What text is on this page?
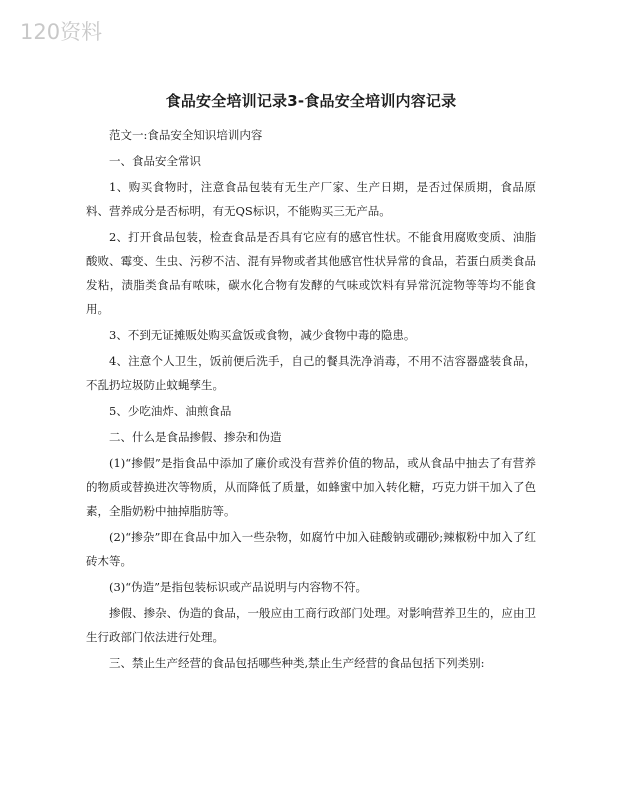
120资料
食品安全培训记录3-食品安全培训内容记录

范文一:食品安全知识培训内容

一、食品安全常识

1、购买食物时，注意食品包装有无生产厂家、生产日期，是否过保质期，食品原料、营养成分是否标明，有无QS标识，不能购买三无产品。

2、打开食品包装，检查食品是否具有它应有的感官性状。不能食用腐败变质、油脂酸败、霉变、生虫、污秽不洁、混有异物或者其他感官性状异常的食品，若蛋白质类食品发粘，渍脂类食品有哝味，碳水化合物有发酵的气味或饮料有异常沉淀物等等均不能食用。

3、不到无证摊贩处购买盒饭或食物，减少食物中毒的隐患。

4、注意个人卫生，饭前便后洗手，自己的餐具洗净消毒，不用不洁容器盛装食品，不乱扔垃圾防止蚊蝇孳生。

5、少吃油炸、油煎食品

二、什么是食品掺假、掺杂和伪造

(1)“掺假”是指食品中添加了廉价或没有营养价值的物品，或从食品中抽去了有营养的物质或替换进次等物质，从而降低了质量，如蜂蜜中加入转化糖，巧克力饼干加入了色素，全脂奶粉中抽掉脂肪等。

(2)“掺杂”即在食品中加入一些杂物，如腐竹中加入硅酸钠或硼砂;辣椒粉中加入了红砖木等。

(3)“伪造”是指包装标识或产品说明与内容物不符。

掺假、掺杂、伪造的食品，一般应由工商行政部门处理。对影响营养卫生的，应由卫生行政部门依法进行处理。

三、禁止生产经营的食品包括哪些种类,禁止生产经营的食品包括下列类别:
